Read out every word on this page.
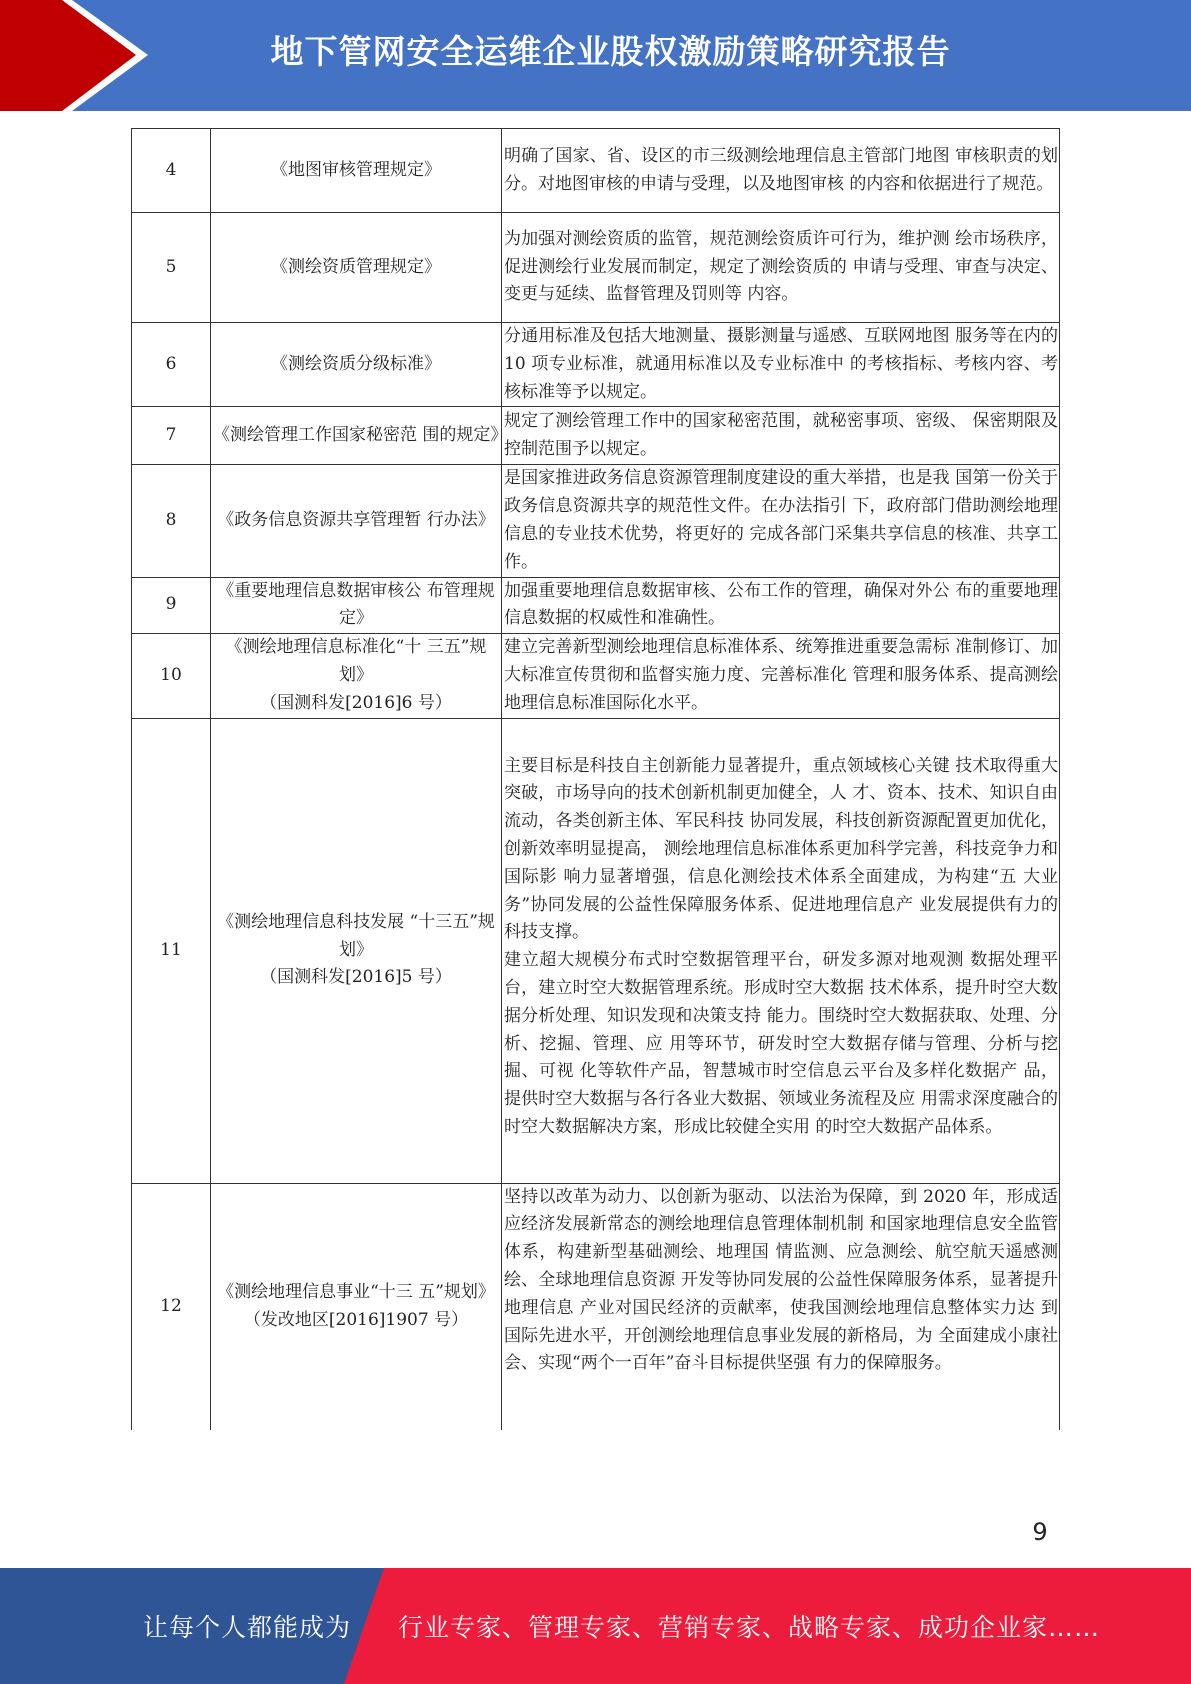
地下管网安全运维企业股权激励策略研究报告
4	《地图审核管理规定》	明确了国家、省、设区的市三级测绘地理信息主管部门地图 审核职责的划分。对地图审核的申请与受理，以及地图审核 的内容和依据进行了规范。

5	《测绘资质管理规定》	为加强对测绘资质的监管，规范测绘资质许可行为，维护测 绘市场秩序，促进测绘行业发展而制定，规定了测绘资质的 申请与受理、审查与决定、变更与延续、监督管理及罚则等 内容。

6	《测绘资质分级标准》	分通用标准及包括大地测量、摄影测量与遥感、互联网地图 服务等在内的 10 项专业标准，就通用标准以及专业标准中 的考核指标、考核内容、考核标准等予以规定。

7	《测绘管理工作国家秘密范 围的规定》	规定了测绘管理工作中的国家秘密范围，就秘密事项、密级、 保密期限及控制范围予以规定。

8	《政务信息资源共享管理暂 行办法》	是国家推进政务信息资源管理制度建设的重大举措，也是我 国第一份关于政务信息资源共享的规范性文件。在办法指引 下，政府部门借助测绘地理信息的专业技术优势，将更好的 完成各部门采集共享信息的核准、共享工作。

9	《重要地理信息数据审核公 布管理规定》	加强重要地理信息数据审核、公布工作的管理，确保对外公 布的重要地理信息数据的权威性和准确性。

10	《测绘地理信息标准化“十 三五”规划》
（国测科发[2016]6 号）	建立完善新型测绘地理信息标准体系、统筹推进重要急需标 准制修订、加大标准宣传贯彻和监督实施力度、完善标准化 管理和服务体系、提高测绘地理信息标准国际化水平。

11	《测绘地理信息科技发展 “十三五”规划》
（国测科发[2016]5 号）	主要目标是科技自主创新能力显著提升，重点领域核心关键 技术取得重大突破，市场导向的技术创新机制更加健全，人 才、资本、技术、知识自由流动，各类创新主体、军民科技 协同发展，科技创新资源配置更加优化，创新效率明显提高， 测绘地理信息标准体系更加科学完善，科技竞争力和国际影 响力显著增强，信息化测绘技术体系全面建成，为构建“五 大业务”协同发展的公益性保障服务体系、促进地理信息产 业发展提供有力的科技支撑。
建立超大规模分布式时空数据管理平台，研发多源对地观测 数据处理平台，建立时空大数据管理系统。形成时空大数据 技术体系，提升时空大数据分析处理、知识发现和决策支持 能力。围绕时空大数据获取、处理、分析、挖掘、管理、应 用等环节，研发时空大数据存储与管理、分析与挖掘、可视 化等软件产品，智慧城市时空信息云平台及多样化数据产 品，提供时空大数据与各行各业大数据、领域业务流程及应 用需求深度融合的时空大数据解决方案，形成比较健全实用 的时空大数据产品体系。

12	《测绘地理信息事业“十三 五”规划》
（发改地区[2016]1907 号）	坚持以改革为动力、以创新为驱动、以法治为保障，到 2020 年，形成适应经济发展新常态的测绘地理信息管理体制机制 和国家地理信息安全监管体系，构建新型基础测绘、地理国 情监测、应急测绘、航空航天遥感测绘、全球地理信息资源 开发等协同发展的公益性保障服务体系，显著提升地理信息 产业对国民经济的贡献率，使我国测绘地理信息整体实力达 到国际先进水平，开创测绘地理信息事业发展的新格局，为 全面建成小康社会、实现“两个一百年”奋斗目标提供坚强 有力的保障服务。
9
让每个人都能成为 行业专家、管理专家、营销专家、战略专家、成功企业家……
